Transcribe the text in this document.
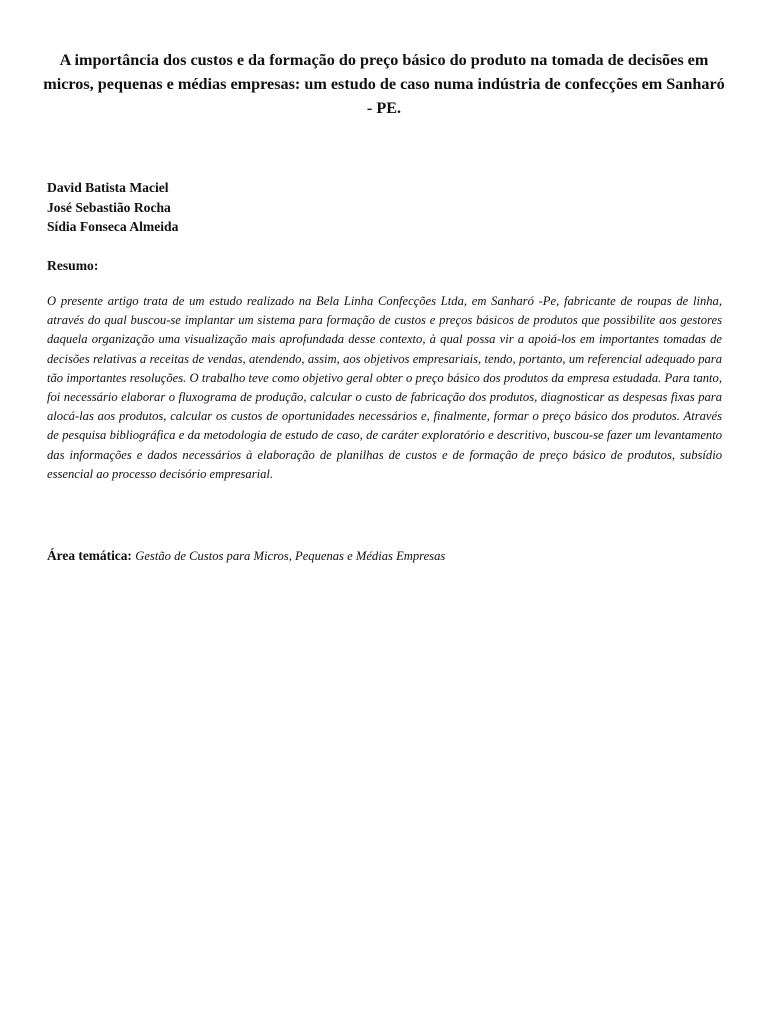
A importância dos custos e da formação do preço básico do produto na tomada de decisões em micros, pequenas e médias empresas: um estudo de caso numa indústria de confecções em Sanharó - PE.
David Batista Maciel
José Sebastião Rocha
Sídia Fonseca Almeida
Resumo:

O presente artigo trata de um estudo realizado na Bela Linha Confecções Ltda, em Sanharó -Pe, fabricante de roupas de linha, através do qual buscou-se implantar um sistema para formação de custos e preços básicos de produtos que possibilite aos gestores daquela organização uma visualização mais aprofundada desse contexto, à qual possa vir a apoiá-los em importantes tomadas de decisões relativas a receitas de vendas, atendendo, assim, aos objetivos empresariais, tendo, portanto, um referencial adequado para tão importantes resoluções. O trabalho teve como objetivo geral obter o preço básico dos produtos da empresa estudada. Para tanto, foi necessário elaborar o fluxograma de produção, calcular o custo de fabricação dos produtos, diagnosticar as despesas fixas para alocá-las aos produtos, calcular os custos de oportunidades necessários e, finalmente, formar o preço básico dos produtos. Através de pesquisa bibliográfica e da metodologia de estudo de caso, de caráter exploratório e descritivo, buscou-se fazer um levantamento das informações e dados necessários à elaboração de planilhas de custos e de formação de preço básico de produtos, subsídio essencial ao processo decisório empresarial.

Área temática: Gestão de Custos para Micros, Pequenas e Médias Empresas
